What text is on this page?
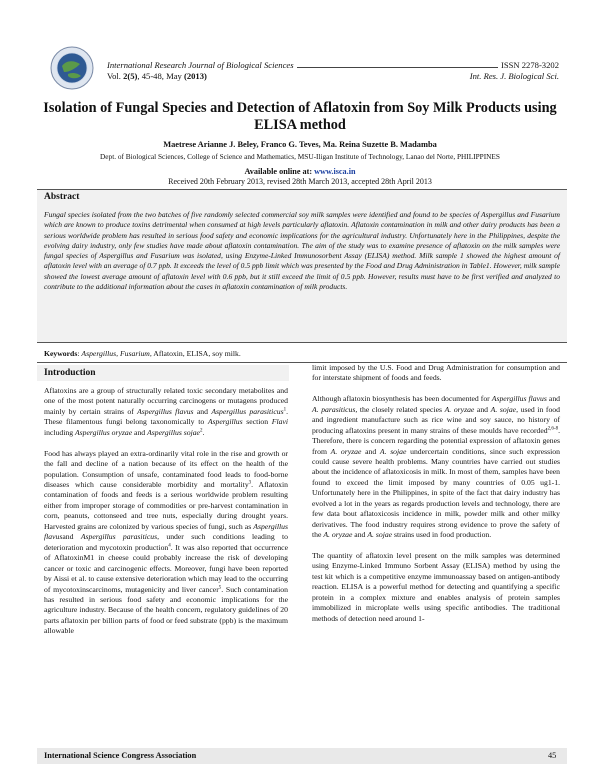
International Research Journal of Biological Sciences	ISSN 2278-3202
Vol. 2(5), 45-48, May (2013)	Int. Res. J. Biological Sci.
Isolation of Fungal Species and Detection of Aflatoxin from Soy Milk Products using ELISA method
Maetrese Arianne J. Beley, Franco G. Teves, Ma. Reina Suzette B. Madamba
Dept. of Biological Sciences, College of Science and Mathematics, MSU-Iligan Institute of Technology, Lanao del Norte, PHILIPPINES
Available online at: www.isca.in
Received 20th February 2013, revised 28th March 2013, accepted 28th April 2013
Abstract
Fungal species isolated from the two batches of five randomly selected commercial soy milk samples were identified and found to be species of Aspergillus and Fusarium which are known to produce toxins detrimental when consumed at high levels particularly aflatoxin. Aflatoxin contamination in milk and other dairy products has been a serious worldwide problem has resulted in serious food safety and economic implications for the agricultural industry. Unfortunately here in the Philippines, despite the evolving dairy industry, only few studies have made about aflatoxin contamination. The aim of the study was to examine presence of aflatoxin on the milk samples were fungal species of Aspergillus and Fusarium was isolated, using Enzyme-Linked Immunosorbent Assay (ELISA) method. Milk sample 1 showed the highest amount of aflatoxin level with an average of 0.7 ppb. It exceeds the level of 0.5 ppb limit which was presented by the Food and Drug Administration in Table1. However, milk sample showed the lowest average amount of aflatoxin level with 0.6 ppb, but it still exceed the limit of 0.5 ppb. However, results must have to be first verified and analyzed to contribute to the additional information about the cases in aflatoxin contamination of milk products.
Keywords: Aspergillus, Fusarium, Aflatoxin, ELISA, soy milk.
Introduction

Aflatoxins are a group of structurally related toxic secondary metabolites and one of the most potent naturally occurring carcinogens or mutagens produced mainly by certain strains of Aspergillus flavus and Aspergillus parasiticus$^1$. These filamentous fungi belong taxonomically to Aspergillus section Flavi including Aspergillus oryzae and Aspergillus sojae$^2$.

Food has always played an extra-ordinarily vital role in the rise and growth or the fall and decline of a nation because of its effect on the health of the population. Consumption of unsafe, contaminated food leads to food-borne diseases which cause considerable morbidity and mortality$^3$. Aflatoxin contamination of foods and feeds is a serious worldwide problem resulting either from improper storage of commodities or pre-harvest contamination in corn, peanuts, cottonseed and tree nuts, especially during drought years. Harvested grains are colonized by various species of fungi, such as Aspergillus flavusand Aspergillus parasiticus, under such conditions leading to deterioration and mycotoxin production$^4$. It was also reported that occurrence of AflatoxinM1 in cheese could probably increase the risk of developing cancer or toxic and carcinogenic effects. Moreover, fungi have been reported by Aissi et al. to cause extensive deterioration which may lead to the occurring of mycotoxinscarcinoms, mutagenicity and liver cancer$^5$. Such contamination has resulted in serious food safety and economic implications for the agriculture industry. Because of the health concern, regulatory guidelines of 20 parts aflatoxin per billion parts of food or feed substrate (ppb) is the maximum allowable

limit imposed by the U.S. Food and Drug Administration for consumption and for interstate shipment of foods and feeds.

Although aflatoxin biosynthesis has been documented for Aspergillus flavus and A. parasiticus, the closely related species A. oryzae and A. sojae, used in food and ingredient manufacture such as rice wine and soy sauce, no history of producing aflatoxins present in many strains of these moulds have recorded$^{2,6-8}$. Therefore, there is concern regarding the potential expression of aflatoxin genes from A. oryzae and A. sojae undercertain conditions, since such expression could cause severe health problems. Many countries have carried out studies about the incidence of aflatoxicosis in milk. In most of them, samples have been found to exceed the limit imposed by many countries of 0.05 ug1-1. Unfortunately here in the Philippines, in spite of the fact that dairy industry has evolved a lot in the years as regards production levels and technology, there are few data bout aflatoxicosis incidence in milk, powder milk and other milky derivatives. The food industry requires strong evidence to prove the safety of the A. oryzae and A. sojae strains used in food production.

The quantity of aflatoxin level present on the milk samples was determined using Enzyme-Linked Immuno Sorbent Assay (ELISA) method by using the test kit which is a competitive enzyme immunoassay based on antigen-antibody reaction. ELISA is a powerful method for detecting and quantifying a specific protein in a complex mixture and enables analysis of protein samples immobilized in microplate wells using specific antibodies. The traditional methods of detection need around 1-

International Science Congress Association	45
